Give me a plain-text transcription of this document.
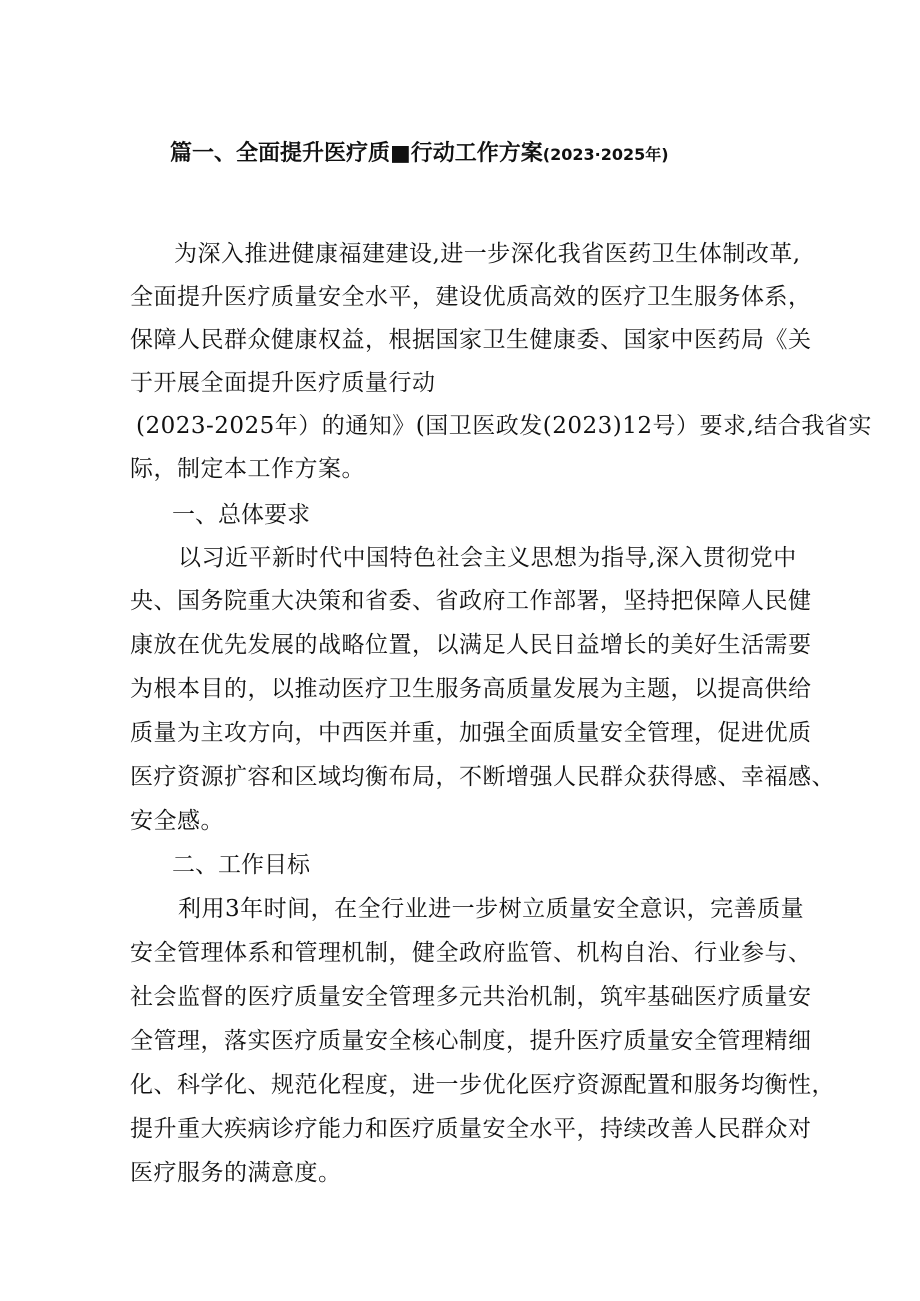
篇一、全面提升医疗质■行动工作方案(2023·2025年)
为深入推进健康福建建设,进一步深化我省医药卫生体制改革,
全面提升医疗质量安全水平，建设优质高效的医疗卫生服务体系，
保障人民群众健康权益，根据国家卫生健康委、国家中医药局《关
于开展全面提升医疗质量行动
(2023-2025年）的通知》(国卫医政发(2023)12号）要求,结合我省实
际，制定本工作方案。
一、总体要求
以习近平新时代中国特色社会主义思想为指导,深入贯彻党中
央、国务院重大决策和省委、省政府工作部署，坚持把保障人民健
康放在优先发展的战略位置，以满足人民日益增长的美好生活需要
为根本目的，以推动医疗卫生服务高质量发展为主题，以提高供给
质量为主攻方向，中西医并重，加强全面质量安全管理，促进优质
医疗资源扩容和区域均衡布局，不断增强人民群众获得感、幸福感、
安全感。
二、工作目标
利用3年时间，在全行业进一步树立质量安全意识，完善质量
安全管理体系和管理机制，健全政府监管、机构自治、行业参与、
社会监督的医疗质量安全管理多元共治机制，筑牢基础医疗质量安
全管理，落实医疗质量安全核心制度，提升医疗质量安全管理精细
化、科学化、规范化程度，进一步优化医疗资源配置和服务均衡性，
提升重大疾病诊疗能力和医疗质量安全水平，持续改善人民群众对
医疗服务的满意度。
